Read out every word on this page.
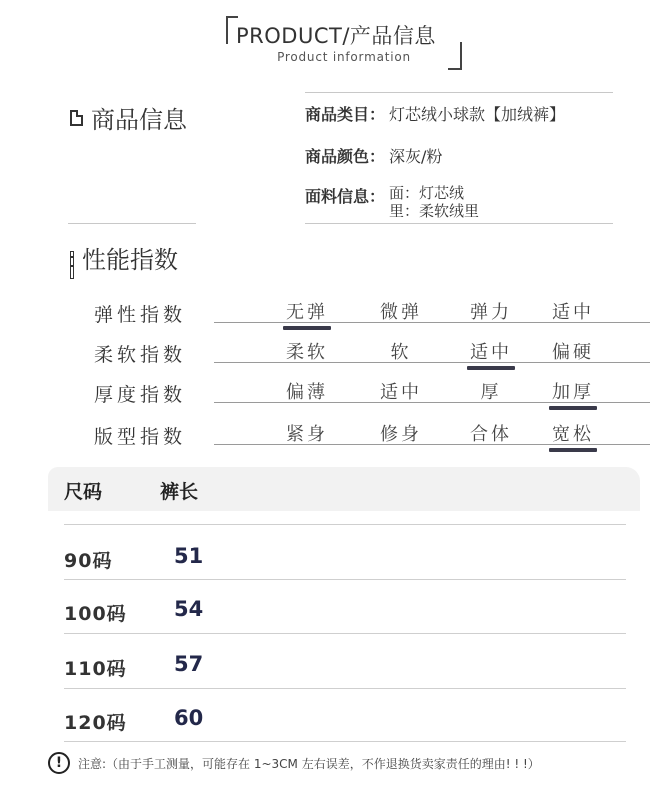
PRODUCT/产品信息
Product information
商品信息	商品类目： 灯芯绒小球款【加绒裤】
商品颜色： 深灰/粉
面料信息： 面：灯芯绒
里：柔软绒里
性能指数
弹性指数	无弹	微弹	弹力	适中
柔软指数	柔软	软	适中	偏硬
厚度指数	偏薄	适中	厚	加厚
版型指数	紧身	修身	合体	宽松
尺码	裤长
90码	51
100码 54
110码 57
120码 60
!	注意:（由于手工测量，可能存在 1~3CM 左右误差，不作退换货卖家责任的理由! ! !）
